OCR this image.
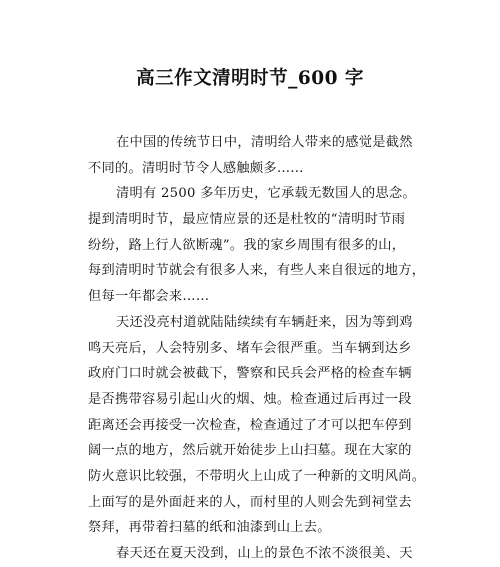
高三作文清明时节_600 字
在中国的传统节日中，清明给人带来的感觉是截然
不同的。清明时节令人感触颇多……
清明有 2500 多年历史，它承载无数国人的思念。
提到清明时节，最应情应景的还是杜牧的“清明时节雨
纷纷，路上行人欲断魂”。我的家乡周围有很多的山，
每到清明时节就会有很多人来，有些人来自很远的地方，
但每一年都会来……
天还没亮村道就陆陆续续有车辆赶来，因为等到鸡
鸣天亮后，人会特别多、堵车会很严重。当车辆到达乡
政府门口时就会被截下，警察和民兵会严格的检查车辆
是否携带容易引起山火的烟、烛。检查通过后再过一段
距离还会再接受一次检查，检查通过了才可以把车停到
阔一点的地方，然后就开始徒步上山扫墓。现在大家的
防火意识比较强，不带明火上山成了一种新的文明风尚。
上面写的是外面赶来的人，而村里的人则会先到祠堂去
祭拜，再带着扫墓的纸和油漆到山上去。
春天还在夏天没到，山上的景色不浓不淡很美、天
